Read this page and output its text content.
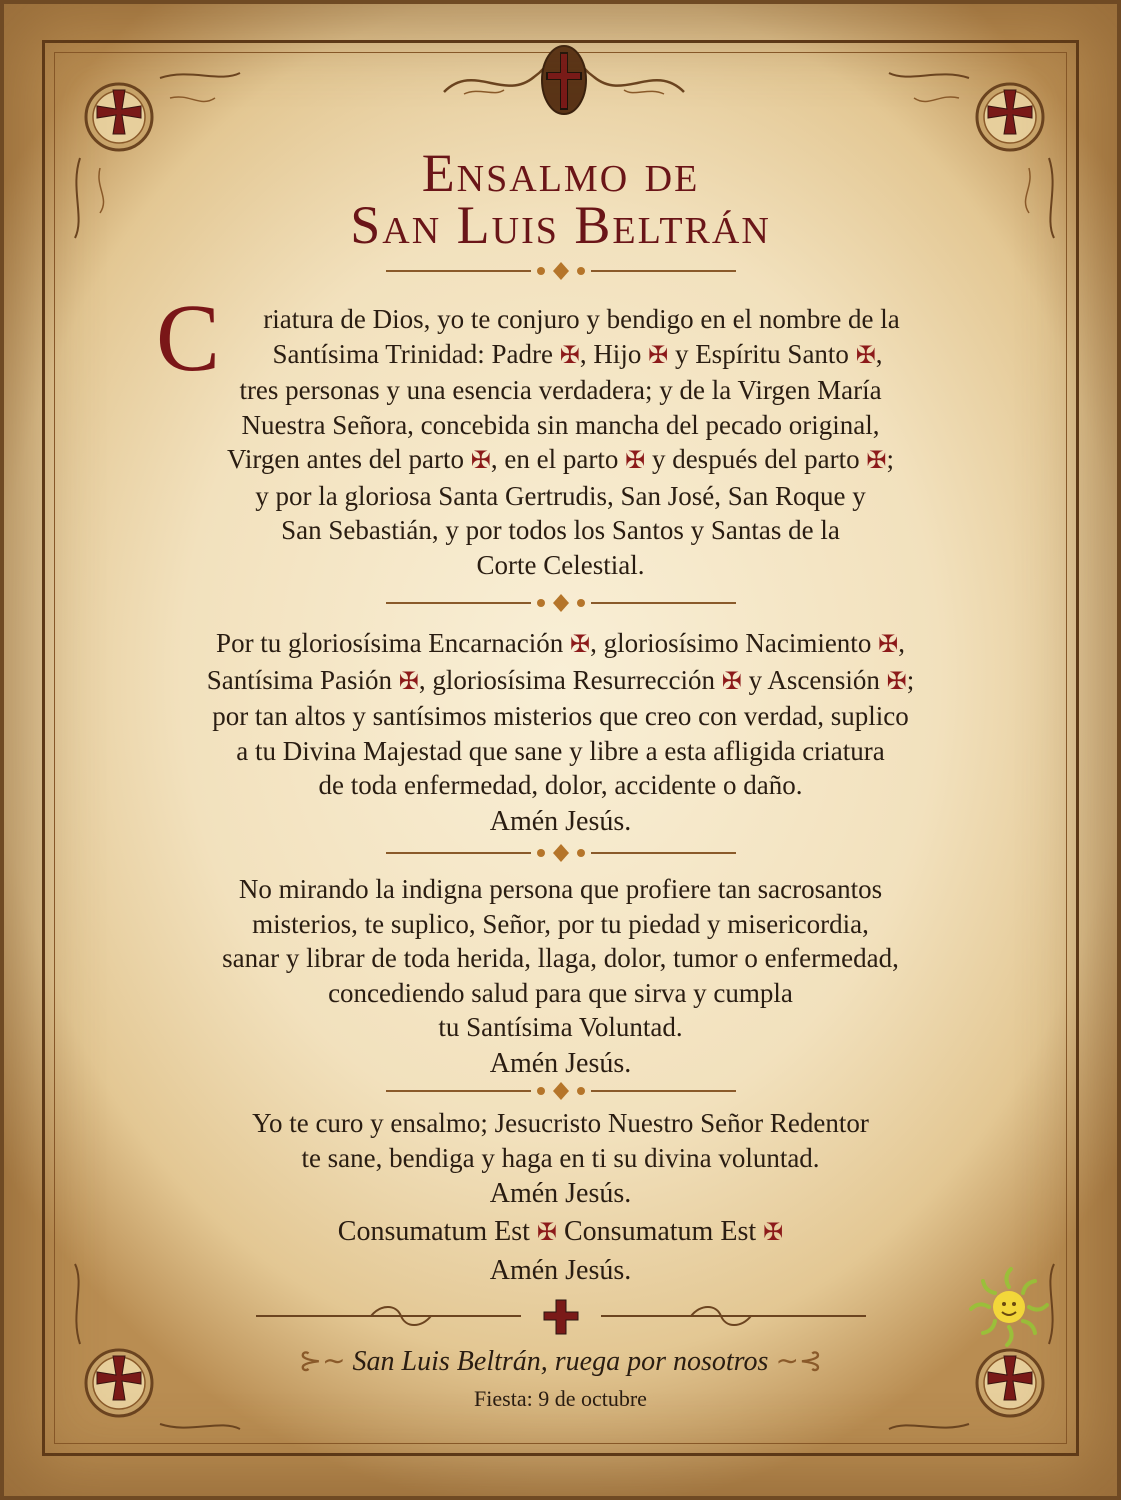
Ensalmo de
San Luis Beltrán
C	riatura de Dios, yo te conjuro y bendigo en el nombre de la
Santísima Trinidad: Padre ✠, Hijo ✠ y Espíritu Santo ✠,
tres personas y una esencia verdadera; y de la Virgen María
Nuestra Señora, concebida sin mancha del pecado original,
Virgen antes del parto ✠, en el parto ✠ y después del parto ✠;
y por la gloriosa Santa Gertrudis, San José, San Roque y
San Sebastián, y por todos los Santos y Santas de la
Corte Celestial.
Por tu gloriosísima Encarnación ✠, gloriosísimo Nacimiento ✠,
Santísima Pasión ✠, gloriosísima Resurrección ✠ y Ascensión ✠;
por tan altos y santísimos misterios que creo con verdad, suplico
a tu Divina Majestad que sane y libre a esta afligida criatura
de toda enfermedad, dolor, accidente o daño.
Amén Jesús.
No mirando la indigna persona que profiere tan sacrosantos
misterios, te suplico, Señor, por tu piedad y misericordia,
sanar y librar de toda herida, llaga, dolor, tumor o enfermedad,
concediendo salud para que sirva y cumpla
tu Santísima Voluntad.
Amén Jesús.
Yo te curo y ensalmo; Jesucristo Nuestro Señor Redentor
te sane, bendiga y haga en ti su divina voluntad.
Amén Jesús.
Consumatum Est ✠ Consumatum Est ✠
Amén Jesús.
⊱∼ San Luis Beltrán, ruega por nosotros ∼⊰
Fiesta: 9 de octubre
